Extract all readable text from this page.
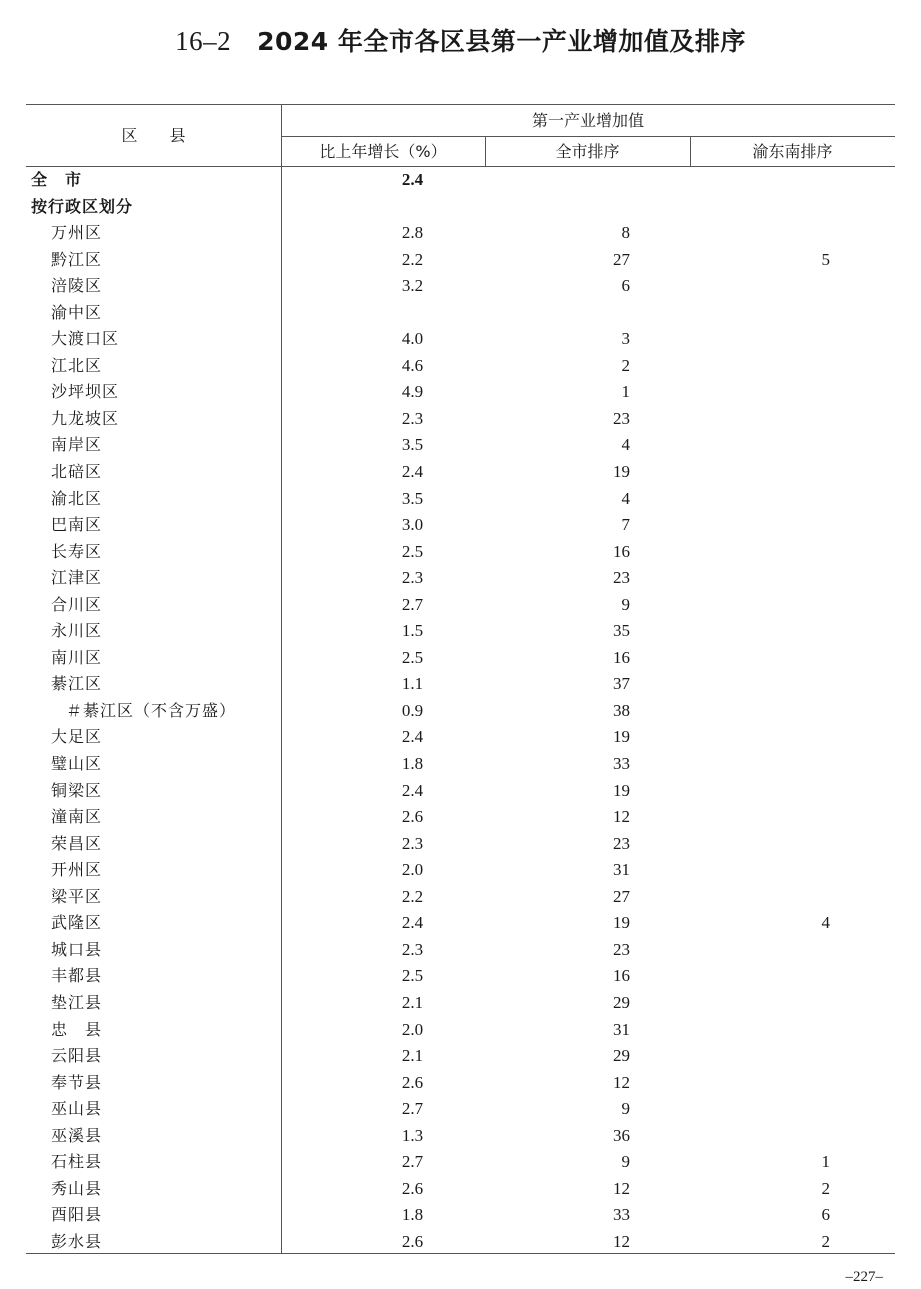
16–2 2024 年全市各区县第一产业增加值及排序
区　　县
第一产业增加值
比上年增长（%）	全市排序	渝东南排序
全　市	2.4
按行政区划分
万州区	2.8	8
黔江区	2.2	27	5
涪陵区	3.2	6
渝中区
大渡口区	4.0	3
江北区	4.6	2
沙坪坝区	4.9	1
九龙坡区	2.3	23
南岸区	3.5	4
北碚区	2.4	19
渝北区	3.5	4
巴南区	3.0	7
长寿区	2.5	16
江津区	2.3	23
合川区	2.7	9
永川区	1.5	35
南川区	2.5	16
綦江区	1.1	37
＃綦江区（不含万盛）	0.9	38
大足区	2.4	19
璧山区	1.8	33
铜梁区	2.4	19
潼南区	2.6	12
荣昌区	2.3	23
开州区	2.0	31
梁平区	2.2	27
武隆区	2.4	19	4
城口县	2.3	23
丰都县	2.5	16
垫江县	2.1	29
忠　县	2.0	31
云阳县	2.1	29
奉节县	2.6	12
巫山县	2.7	9
巫溪县	1.3	36
石柱县	2.7	9	1
秀山县	2.6	12	2
酉阳县	1.8	33	6
彭水县	2.6	12	2
–227–
